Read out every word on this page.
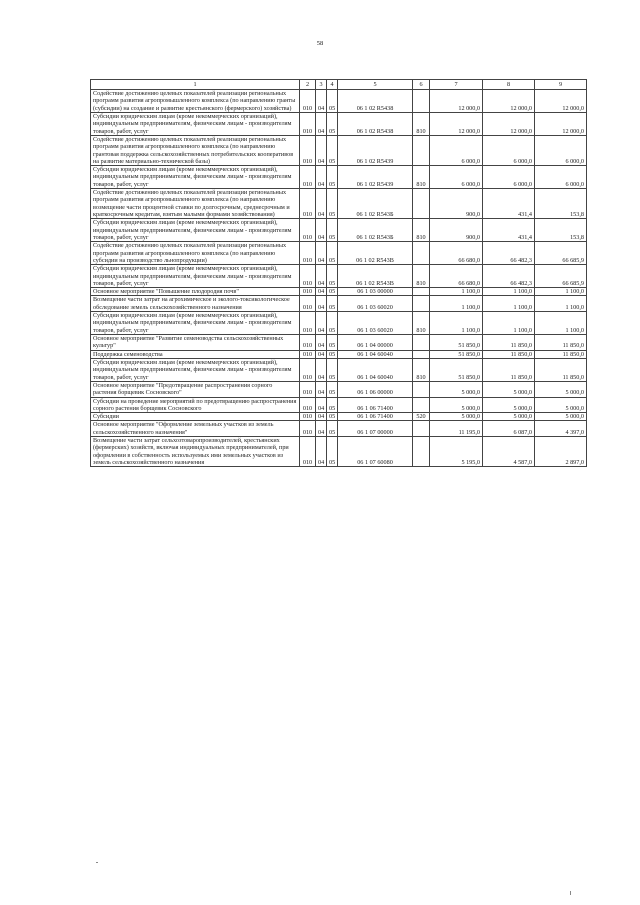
58
1	2	3	4	5	6	7	8	9
Содействие достижению целевых показателей реализации региональных программ развития агропромышленного комплекса (по направлению гранты (субсидии) на создание и развитие крестьянского (фермерского) хозяйства)	010	04	05	06 1 02 R5438		12 000,0	12 000,0	12 000,0
Субсидии юридическим лицам (кроме некоммерческих организаций), индивидуальным предпринимателям, физическим лицам - производителям товаров, работ, услуг	010	04	05	06 1 02 R5438	810	12 000,0	12 000,0	12 000,0
Содействие достижению целевых показателей реализации региональных программ развития агропромышленного комплекса (по направлению грантовая поддержка сельскохозяйственных потребительских кооперативов на развитие материально-технической базы)	010	04	05	06 1 02 R5439		6 000,0	6 000,0	6 000,0
Субсидии юридическим лицам (кроме некоммерческих организаций), индивидуальным предпринимателям, физическим лицам - производителям товаров, работ, услуг	010	04	05	06 1 02 R5439	810	6 000,0	6 000,0	6 000,0
Содействие достижению целевых показателей реализации региональных программ развития агропромышленного комплекса (по направлению возмещение части процентной ставки по долгосрочным, среднесрочным и краткосрочным кредитам, взятым малыми формами хозяйствования)	010	04	05	06 1 02 R543Б		900,0	431,4	153,8
Субсидии юридическим лицам (кроме некоммерческих организаций), индивидуальным предпринимателям, физическим лицам - производителям товаров, работ, услуг	010	04	05	06 1 02 R543Б	810	900,0	431,4	153,8
Содействие достижению целевых показателей реализации региональных программ развития агропромышленного комплекса (по направлению субсидии на производство льнопродукции)	010	04	05	06 1 02 R543В		66 680,0	66 482,3	66 685,9
Субсидии юридическим лицам (кроме некоммерческих организаций), индивидуальным предпринимателям, физическим лицам - производителям товаров, работ, услуг	010	04	05	06 1 02 R543В	810	66 680,0	66 482,3	66 685,9
Основное мероприятие "Повышение плодородия почв"	010	04	05	06 1 03 00000		1 100,0	1 100,0	1 100,0
Возмещение части затрат на агрохимическое и эколого-токсикологическое обследование земель сельскохозяйственного назначения	010	04	05	06 1 03 60020		1 100,0	1 100,0	1 100,0
Субсидии юридическим лицам (кроме некоммерческих организаций), индивидуальным предпринимателям, физическим лицам - производителям товаров, работ, услуг	010	04	05	06 1 03 60020	810	1 100,0	1 100,0	1 100,0
Основное мероприятие "Развитие семеноводства сельскохозяйственных культур"	010	04	05	06 1 04 00000		51 850,0	11 850,0	11 850,0
Поддержка семеноводства	010	04	05	06 1 04 60040		51 850,0	11 850,0	11 850,0
Субсидии юридическим лицам (кроме некоммерческих организаций), индивидуальным предпринимателям, физическим лицам - производителям товаров, работ, услуг	010	04	05	06 1 04 60040	810	51 850,0	11 850,0	11 850,0
Основное мероприятие "Предотвращение распространения сорного растения борщевик Сосновского"	010	04	05	06 1 06 00000		5 000,0	5 000,0	5 000,0
Субсидии на проведение мероприятий по предотвращению распространения сорного растения борщевик Сосновского	010	04	05	06 1 06 71400		5 000,0	5 000,0	5 000,0
Субсидии	010	04	05	06 1 06 71400	520	5 000,0	5 000,0	5 000,0
Основное мероприятие "Оформление земельных участков из земель сельскохозяйственного назначения"	010	04	05	06 1 07 00000		11 195,0	6 087,0	4 397,0
Возмещение части затрат сельхозтоваропроизводителей, крестьянских (фермерских) хозяйств, включая индивидуальных предпринимателей, при оформлении в собственность используемых ими земельных участков из земель сельскохозяйственного назначения	010	04	05	06 1 07 60080		5 195,0	4 587,0	2 897,0
